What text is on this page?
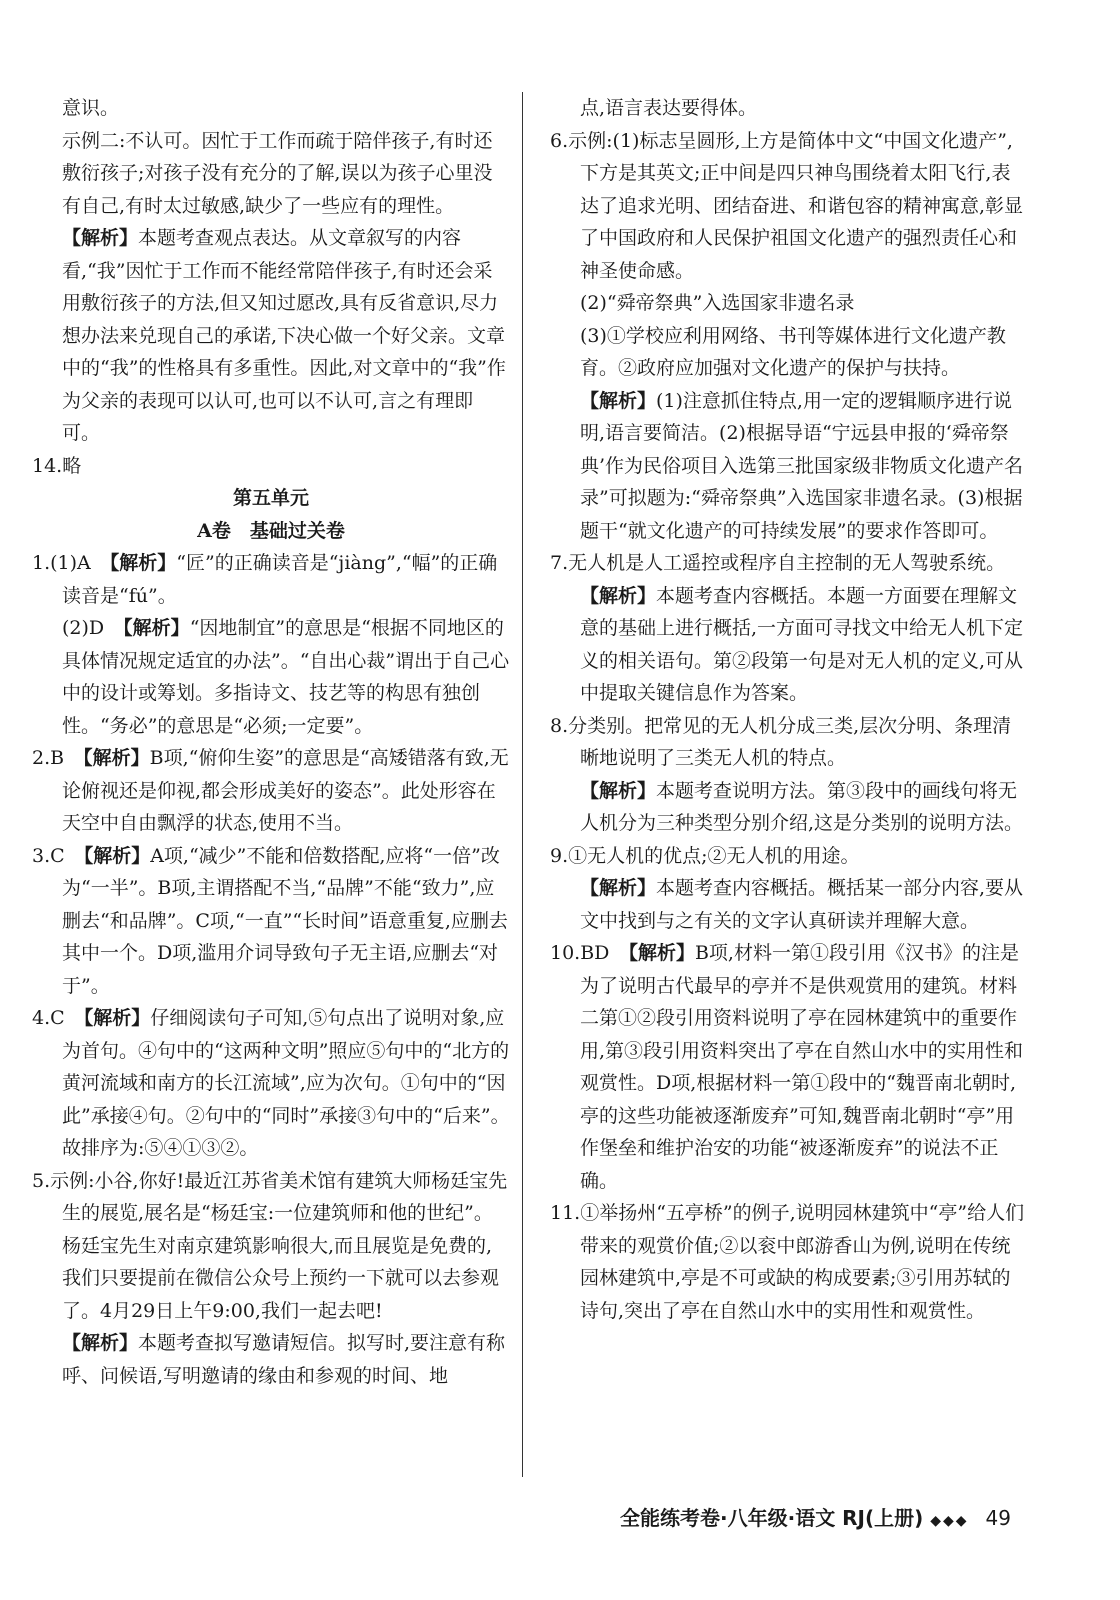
意识。

示例二:不认可。因忙于工作而疏于陪伴孩子,有时还敷衍孩子;对孩子没有充分的了解,误以为孩子心里没有自己,有时太过敏感,缺少了一些应有的理性。

【解析】本题考查观点表达。从文章叙写的内容看,“我”因忙于工作而不能经常陪伴孩子,有时还会采用敷衍孩子的方法,但又知过愿改,具有反省意识,尽力想办法来兑现自己的承诺,下决心做一个好父亲。文章中的“我”的性格具有多重性。因此,对文章中的“我”作为父亲的表现可以认可,也可以不认可,言之有理即可。

14.略

第五单元

A卷　基础过关卷

1.(1)A　 【解析】“匠”的正确读音是“jiàng”,“幅”的正确读音是“fú”。

(2)D　 【解析】“因地制宜”的意思是“根据不同地区的具体情况规定适宜的办法”。“自出心裁”谓出于自己心中的设计或筹划。多指诗文、技艺等的构思有独创性。“务必”的意思是“必须;一定要”。

2.B　 【解析】B项,“俯仰生姿”的意思是“高矮错落有致,无论俯视还是仰视,都会形成美好的姿态”。此处形容在天空中自由飘浮的状态,使用不当。

3.C　 【解析】A项,“减少”不能和倍数搭配,应将“一倍”改为“一半”。B项,主谓搭配不当,“品牌”不能“致力”,应删去“和品牌”。C项,“一直”“长时间”语意重复,应删去其中一个。D项,滥用介词导致句子无主语,应删去“对于”。

4.C　 【解析】仔细阅读句子可知,⑤句点出了说明对象,应为首句。④句中的“这两种文明”照应⑤句中的“北方的黄河流域和南方的长江流域”,应为次句。①句中的“因此”承接④句。②句中的“同时”承接③句中的“后来”。故排序为:⑤④①③②。

5.示例:小谷,你好!最近江苏省美术馆有建筑大师杨廷宝先生的展览,展名是“杨廷宝:一位建筑师和他的世纪”。杨廷宝先生对南京建筑影响很大,而且展览是免费的,我们只要提前在微信公众号上预约一下就可以去参观了。4月29日上午9:00,我们一起去吧!

【解析】本题考查拟写邀请短信。拟写时,要注意有称呼、问候语,写明邀请的缘由和参观的时间、地

点,语言表达要得体。

6.示例:(1)标志呈圆形,上方是简体中文“中国文化遗产”,下方是其英文;正中间是四只神鸟围绕着太阳飞行,表达了追求光明、团结奋进、和谐包容的精神寓意,彰显了中国政府和人民保护祖国文化遗产的强烈责任心和神圣使命感。

(2)“舜帝祭典”入选国家非遗名录

(3)①学校应利用网络、书刊等媒体进行文化遗产教育。②政府应加强对文化遗产的保护与扶持。

【解析】(1)注意抓住特点,用一定的逻辑顺序进行说明,语言要简洁。(2)根据导语“宁远县申报的‘舜帝祭典’作为民俗项目入选第三批国家级非物质文化遗产名录”可拟题为:“舜帝祭典”入选国家非遗名录。(3)根据题干“就文化遗产的可持续发展”的要求作答即可。

7.无人机是人工遥控或程序自主控制的无人驾驶系统。

【解析】本题考查内容概括。本题一方面要在理解文意的基础上进行概括,一方面可寻找文中给无人机下定义的相关语句。第②段第一句是对无人机的定义,可从中提取关键信息作为答案。

8.分类别。把常见的无人机分成三类,层次分明、条理清晰地说明了三类无人机的特点。

【解析】本题考查说明方法。第③段中的画线句将无人机分为三种类型分别介绍,这是分类别的说明方法。

9.①无人机的优点;②无人机的用途。

【解析】本题考查内容概括。概括某一部分内容,要从文中找到与之有关的文字认真研读并理解大意。

10.BD　 【解析】B项,材料一第①段引用《汉书》的注是为了说明古代最早的亭并不是供观赏用的建筑。材料二第①②段引用资料说明了亭在园林建筑中的重要作用,第③段引用资料突出了亭在自然山水中的实用性和观赏性。D项,根据材料一第①段中的“魏晋南北朝时,亭的这些功能被逐渐废弃”可知,魏晋南北朝时“亭”用作堡垒和维护治安的功能“被逐渐废弃”的说法不正确。

11.①举扬州“五亭桥”的例子,说明园林建筑中“亭”给人们带来的观赏价值;②以衮中郎游香山为例,说明在传统园林建筑中,亭是不可或缺的构成要素;③引用苏轼的诗句,突出了亭在自然山水中的实用性和观赏性。

全能练考卷·八年级·语文 RJ(上册) ◆◆◆ 49
